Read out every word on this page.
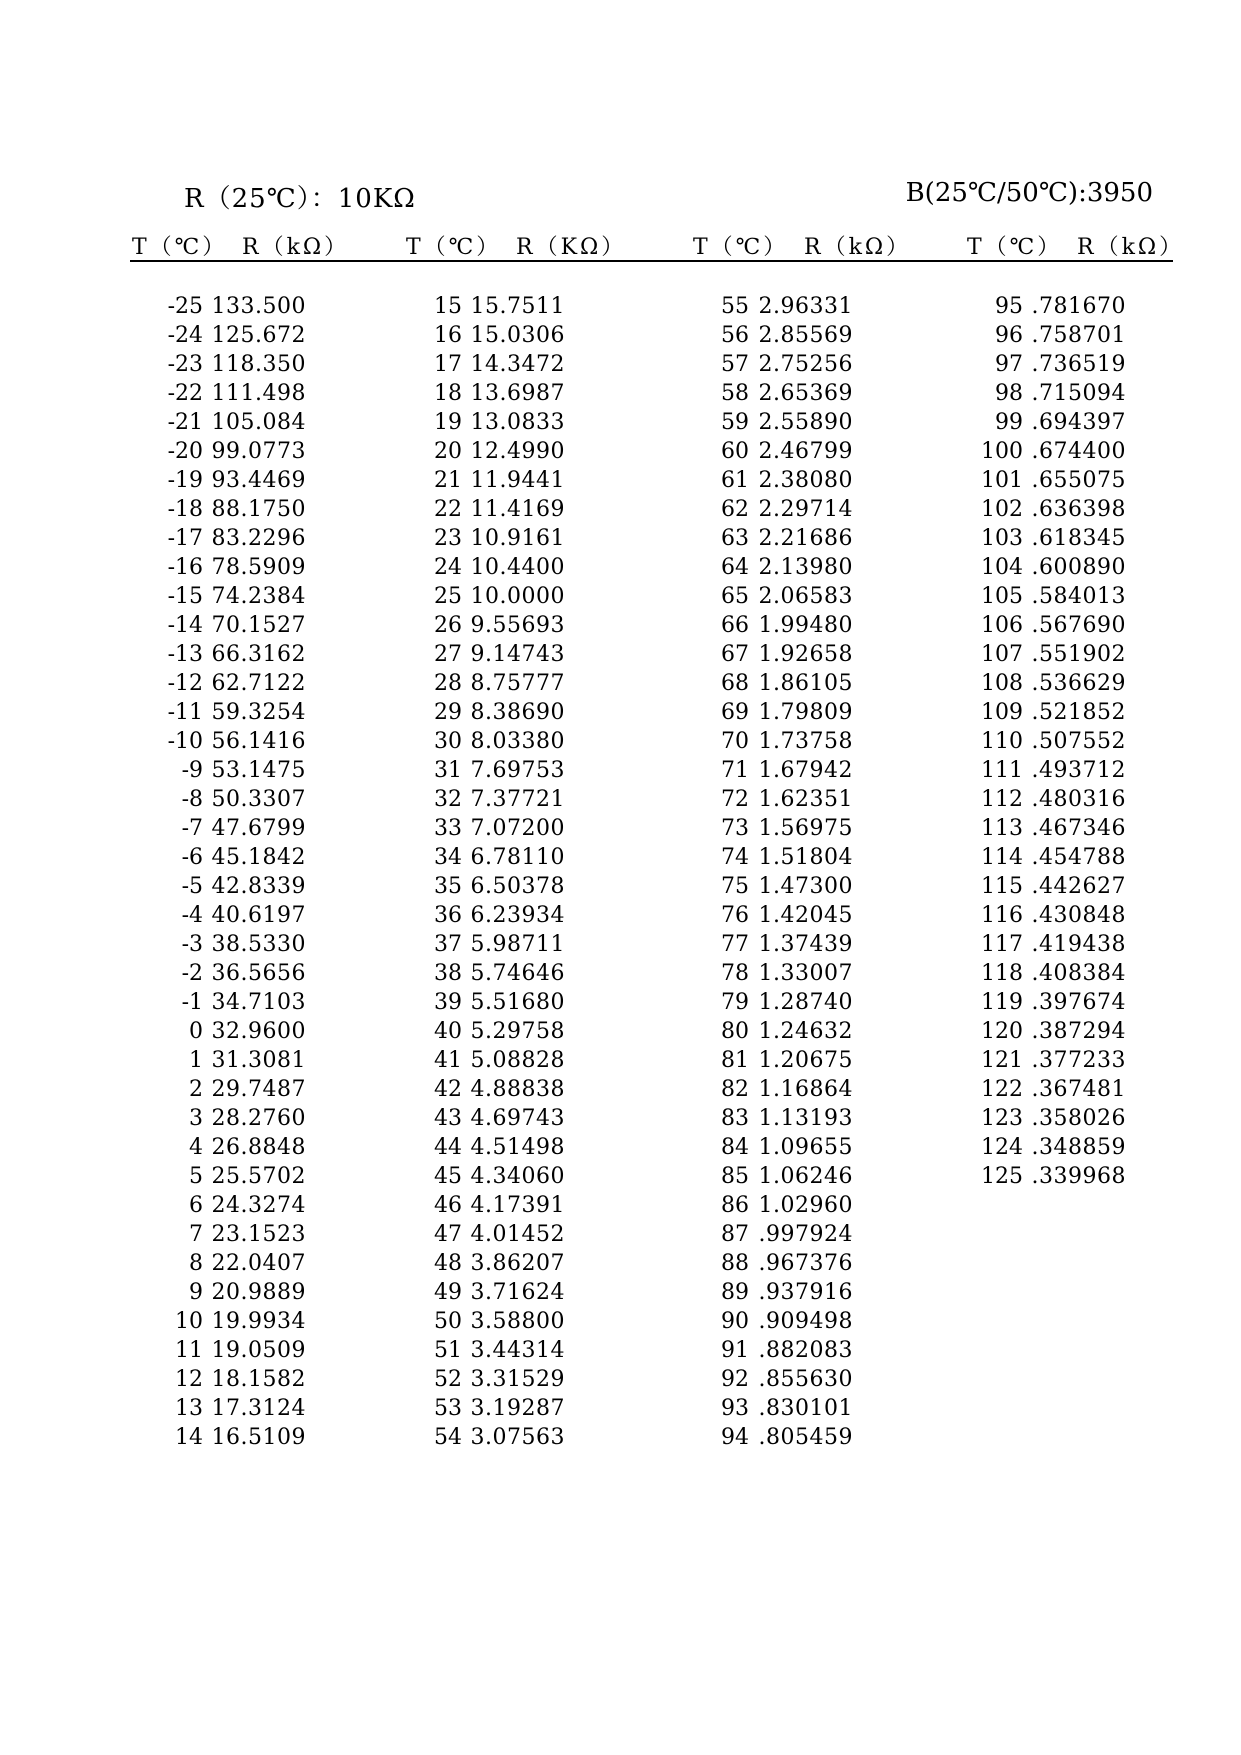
R（25℃）：10KΩ	B(25℃/50℃):3950
T（℃） R（kΩ）	T（℃） R（KΩ）	T（℃） R（kΩ）	T（℃） R（kΩ）
-25 133.500	15 15.7511	55 2.96331	95 .781670
-24 125.672	16 15.0306	56 2.85569	96 .758701
-23 118.350	17 14.3472	57 2.75256	97 .736519
-22 111.498	18 13.6987	58 2.65369	98 .715094
-21 105.084	19 13.0833	59 2.55890	99 .694397
-20 99.0773	20 12.4990	60 2.46799	100 .674400
-19 93.4469	21 11.9441	61 2.38080	101 .655075
-18 88.1750	22 11.4169	62 2.29714	102 .636398
-17 83.2296	23 10.9161	63 2.21686	103 .618345
-16 78.5909	24 10.4400	64 2.13980	104 .600890
-15 74.2384	25 10.0000	65 2.06583	105 .584013
-14 70.1527	26 9.55693	66 1.99480	106 .567690
-13 66.3162	27 9.14743	67 1.92658	107 .551902
-12 62.7122	28 8.75777	68 1.86105	108 .536629
-11 59.3254	29 8.38690	69 1.79809	109 .521852
-10 56.1416	30 8.03380	70 1.73758	110 .507552
-9 53.1475	31 7.69753	71 1.67942	111 .493712
-8 50.3307	32 7.37721	72 1.62351	112 .480316
-7 47.6799	33 7.07200	73 1.56975	113 .467346
-6 45.1842	34 6.78110	74 1.51804	114 .454788
-5 42.8339	35 6.50378	75 1.47300	115 .442627
-4 40.6197	36 6.23934	76 1.42045	116 .430848
-3 38.5330	37 5.98711	77 1.37439	117 .419438
-2 36.5656	38 5.74646	78 1.33007	118 .408384
-1 34.7103	39 5.51680	79 1.28740	119 .397674
0 32.9600	40 5.29758	80 1.24632	120 .387294
1 31.3081	41 5.08828	81 1.20675	121 .377233
2 29.7487	42 4.88838	82 1.16864	122 .367481
3 28.2760	43 4.69743	83 1.13193	123 .358026
4 26.8848	44 4.51498	84 1.09655	124 .348859
5 25.5702	45 4.34060	85 1.06246	125 .339968
6 24.3274	46 4.17391	86 1.02960
7 23.1523	47 4.01452	87 .997924
8 22.0407	48 3.86207	88 .967376
9 20.9889	49 3.71624	89 .937916
10 19.9934	50 3.58800	90 .909498
11 19.0509	51 3.44314	91 .882083
12 18.1582	52 3.31529	92 .855630
13 17.3124	53 3.19287	93 .830101
14 16.5109	54 3.07563	94 .805459
